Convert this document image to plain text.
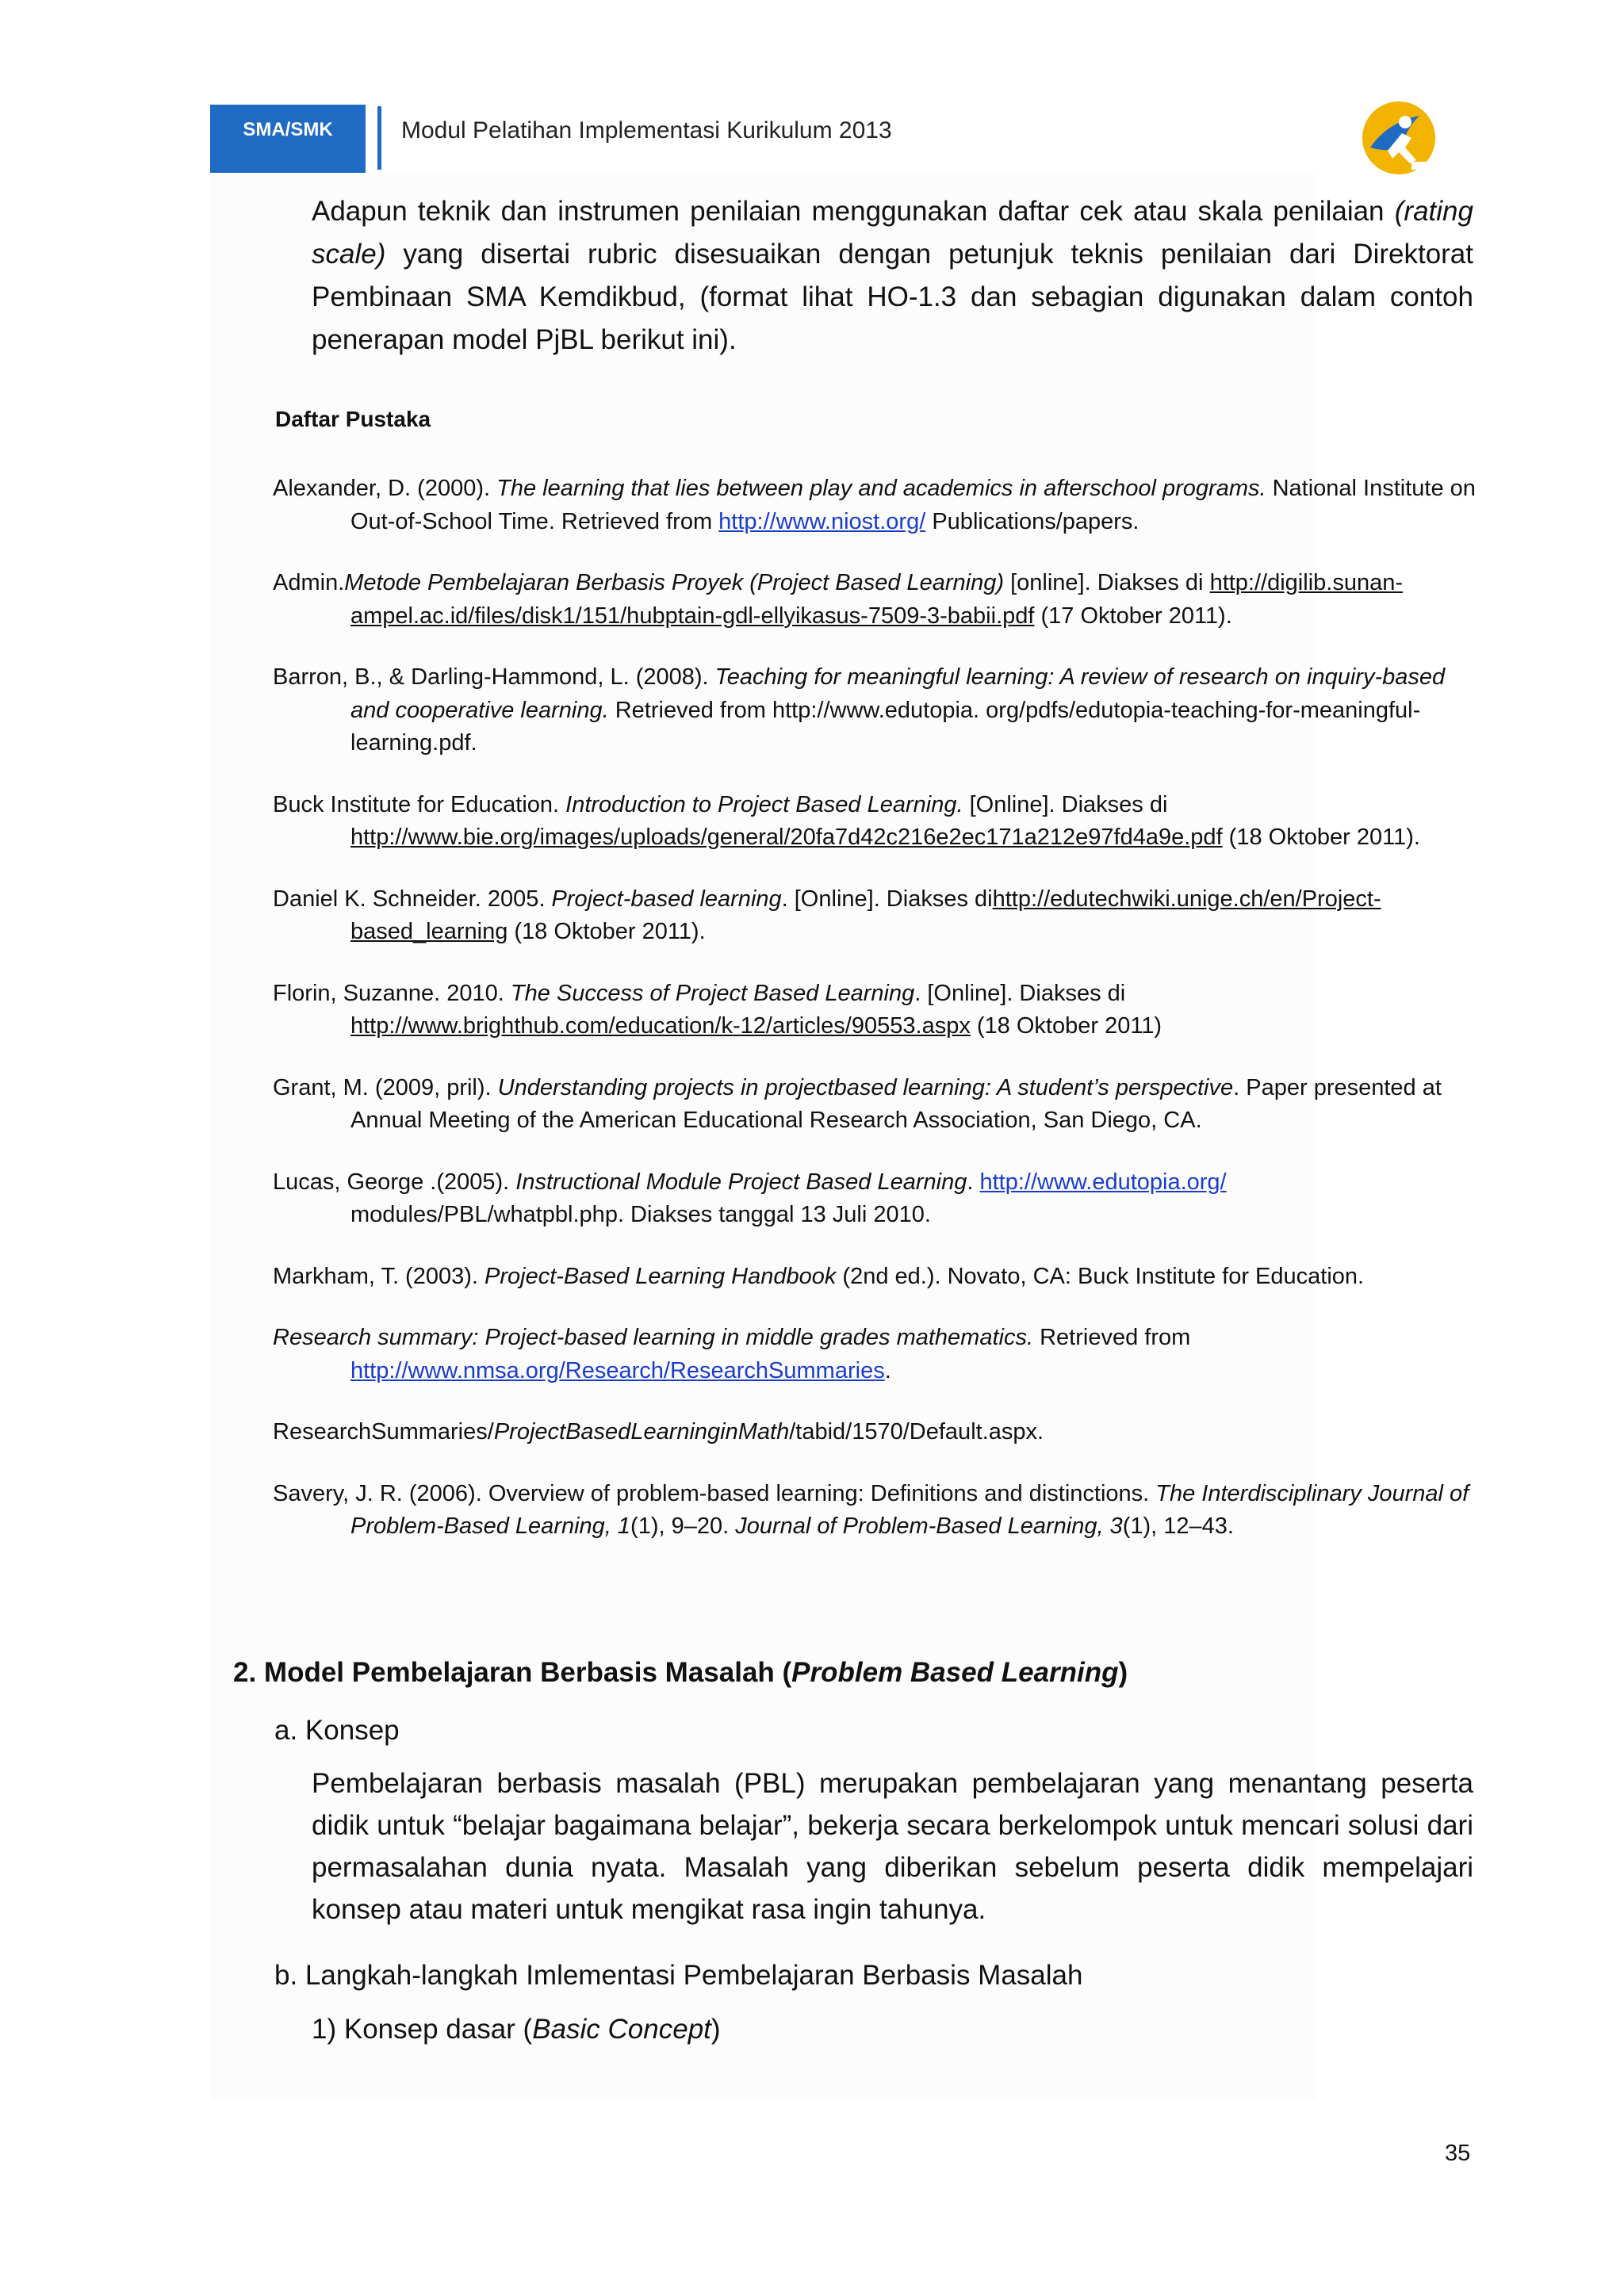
SMA/SMK	Modul Pelatihan Implementasi Kurikulum 2013
Adapun teknik dan instrumen penilaian menggunakan daftar cek atau skala penilaian (rating scale) yang disertai rubric disesuaikan dengan petunjuk teknis penilaian dari Direktorat Pembinaan SMA Kemdikbud, (format lihat HO-1.3 dan sebagian digunakan dalam contoh penerapan model PjBL berikut ini).
Daftar Pustaka

Alexander, D. (2000). The learning that lies between play and academics in afterschool programs. National Institute on Out-of-School Time. Retrieved from http://www.niost.org/ Publications/papers.

Admin.Metode Pembelajaran Berbasis Proyek (Project Based Learning) [online]. Diakses di http://digilib.sunan-ampel.ac.id/files/disk1/151/hubptain-gdl-ellyikasus-7509-3-babii.pdf (17 Oktober 2011).

Barron, B., & Darling-Hammond, L. (2008). Teaching for meaningful learning: A review of research on inquiry-based and cooperative learning. Retrieved from http://www.edutopia. org/pdfs/edutopia-teaching-for-meaningful-learning.pdf.

Buck Institute for Education. Introduction to Project Based Learning. [Online]. Diakses di http://www.bie.org/images/uploads/general/20fa7d42c216e2ec171a212e97fd4a9e.pdf (18 Oktober 2011).

Daniel K. Schneider. 2005. Project-based learning. [Online]. Diakses dihttp://edutechwiki.unige.ch/en/Project-based_learning (18 Oktober 2011).

Florin, Suzanne. 2010. The Success of Project Based Learning. [Online]. Diakses di http://www.brighthub.com/education/k-12/articles/90553.aspx (18 Oktober 2011)

Grant, M. (2009, pril). Understanding projects in projectbased learning: A student’s perspective. Paper presented at Annual Meeting of the American Educational Research Association, San Diego, CA.

Lucas, George .(2005). Instructional Module Project Based Learning. http://www.edutopia.org/ modules/PBL/whatpbl.php. Diakses tanggal 13 Juli 2010.

Markham, T. (2003). Project-Based Learning Handbook (2nd ed.). Novato, CA: Buck Institute for Education.

Research summary: Project-based learning in middle grades mathematics. Retrieved from http://www.nmsa.org/Research/ResearchSummaries.

ResearchSummaries/ProjectBasedLearninginMath/tabid/1570/Default.aspx.

Savery, J. R. (2006). Overview of problem-based learning: Definitions and distinctions. The Interdisciplinary Journal of Problem-Based Learning, 1(1), 9–20. Journal of Problem-Based Learning, 3(1), 12–43.

2. Model Pembelajaran Berbasis Masalah (Problem Based Learning)
a. Konsep
Pembelajaran berbasis masalah (PBL) merupakan pembelajaran yang menantang peserta didik untuk “belajar bagaimana belajar”, bekerja secara berkelompok untuk mencari solusi dari permasalahan dunia nyata. Masalah yang diberikan sebelum peserta didik mempelajari konsep atau materi untuk mengikat rasa ingin tahunya.
b. Langkah-langkah Imlementasi Pembelajaran Berbasis Masalah
1) Konsep dasar (Basic Concept)
35
